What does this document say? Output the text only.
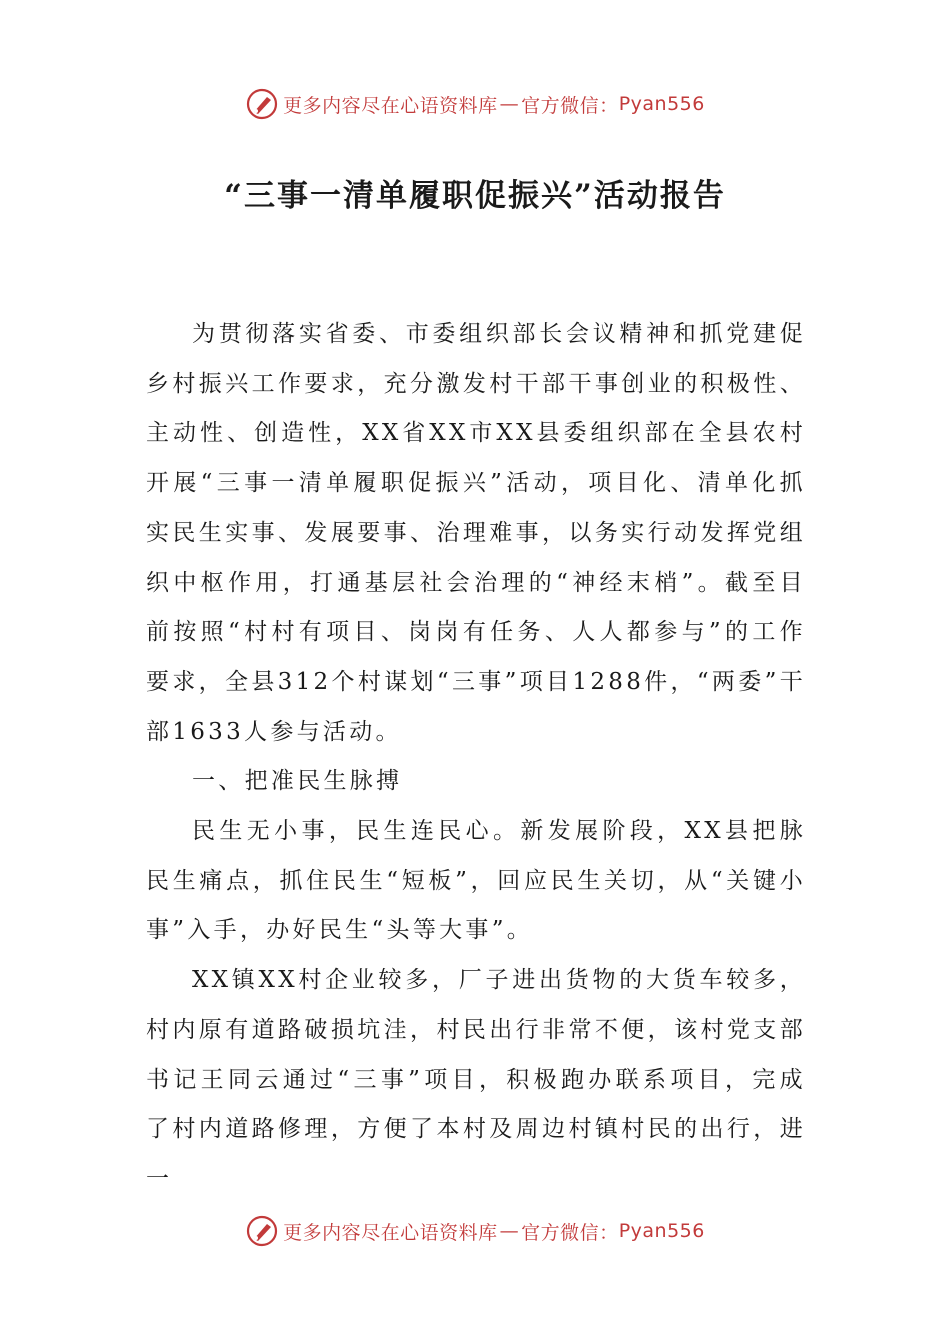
更多内容尽在心语资料库 — 官方微信： Pyan556
“三事一清单履职促振兴”活动报告

为贯彻落实省委、市委组织部长会议精神和抓党建促乡村振兴工作要求，充分激发村干部干事创业的积极性、主动性、创造性，XX省XX市XX县委组织部在全县农村开展“三事一清单履职促振兴”活动，项目化、清单化抓实民生实事、发展要事、治理难事，以务实行动发挥党组织中枢作用，打通基层社会治理的“神经末梢”。截至目前按照“村村有项目、岗岗有任务、人人都参与”的工作要求，全县312个村谋划“三事”项目1288件，“两委”干部1633人参与活动。

一、把准民生脉搏

民生无小事，民生连民心。新发展阶段，XX县把脉民生痛点，抓住民生“短板”，回应民生关切，从“关键小事”入手，办好民生“头等大事”。

XX镇XX村企业较多，厂子进出货物的大货车较多，村内原有道路破损坑洼，村民出行非常不便，该村党支部书记王同云通过“三事”项目，积极跑办联系项目，完成了村内道路修理，方便了本村及周边村镇村民的出行，进一

更多内容尽在心语资料库 — 官方微信： Pyan556
